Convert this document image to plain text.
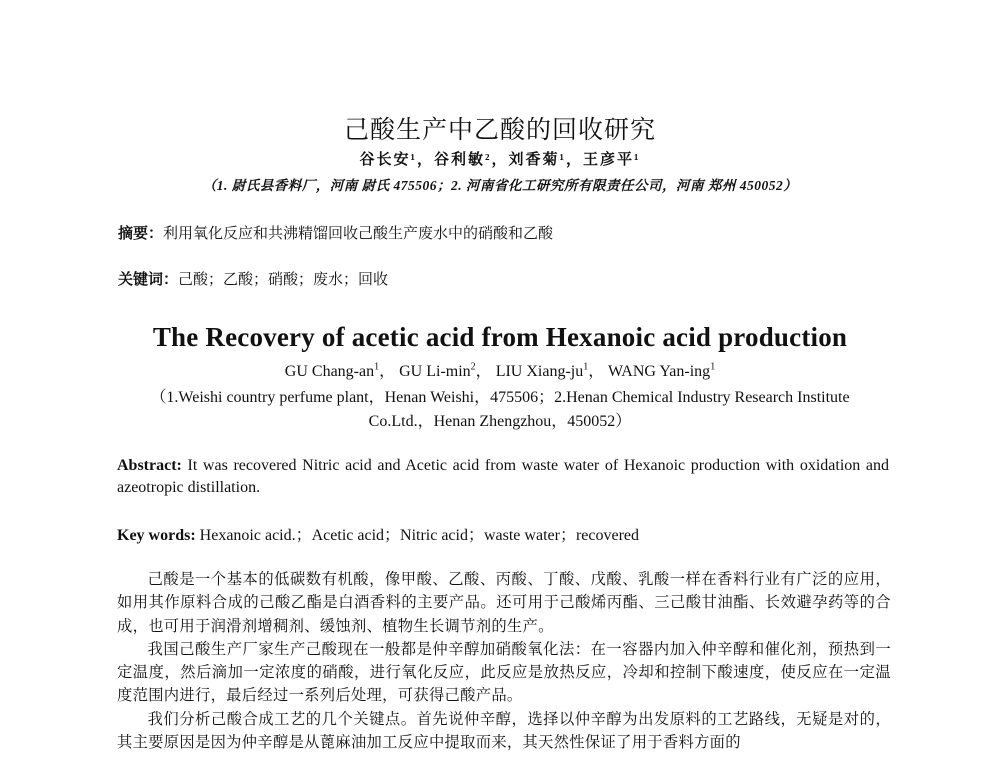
己酸生产中乙酸的回收研究
谷长安¹，谷利敏²，刘香菊¹，王彦平¹
（1. 尉氏县香料厂，河南 尉氏 475506；2. 河南省化工研究所有限责任公司，河南 郑州 450052）
摘要：利用氧化反应和共沸精馏回收己酸生产废水中的硝酸和乙酸
关键词：己酸；乙酸；硝酸；废水；回收
The Recovery of acetic acid from Hexanoic acid production
GU Chang-$an^1$， GU $Li-\min^2$， LIU Xiang-$ju^1$， WANG Yan-ing$^1$
（1.Weishi country perfume plant，Henan Weishi，475506；2.Henan Chemical Industry Research Institute
Co.Ltd.，Henan Zhengzhou，450052）
Abstract: It was recovered Nitric acid and Acetic acid from waste water of Hexanoic production with oxidation and azeotropic distillation.
Key words: Hexanoic acid.；Acetic acid；Nitric acid；waste water；recovered

己酸是一个基本的低碳数有机酸，像甲酸、乙酸、丙酸、丁酸、戊酸、乳酸一样在香料行业有广泛的应用，如用其作原料合成的己酸乙酯是白酒香料的主要产品。还可用于己酸烯丙酯、三己酸甘油酯、长效避孕药等的合成，也可用于润滑剂增稠剂、缓蚀剂、植物生长调节剂的生产。

我国己酸生产厂家生产己酸现在一般都是仲辛醇加硝酸氧化法：在一容器内加入仲辛醇和催化剂，预热到一定温度，然后滴加一定浓度的硝酸，进行氧化反应，此反应是放热反应，冷却和控制下酸速度，使反应在一定温度范围内进行，最后经过一系列后处理，可获得己酸产品。

我们分析己酸合成工艺的几个关键点。首先说仲辛醇，选择以仲辛醇为出发原料的工艺路线，无疑是对的，其主要原因是因为仲辛醇是从蓖麻油加工反应中提取而来，其天然性保证了用于香料方面的
